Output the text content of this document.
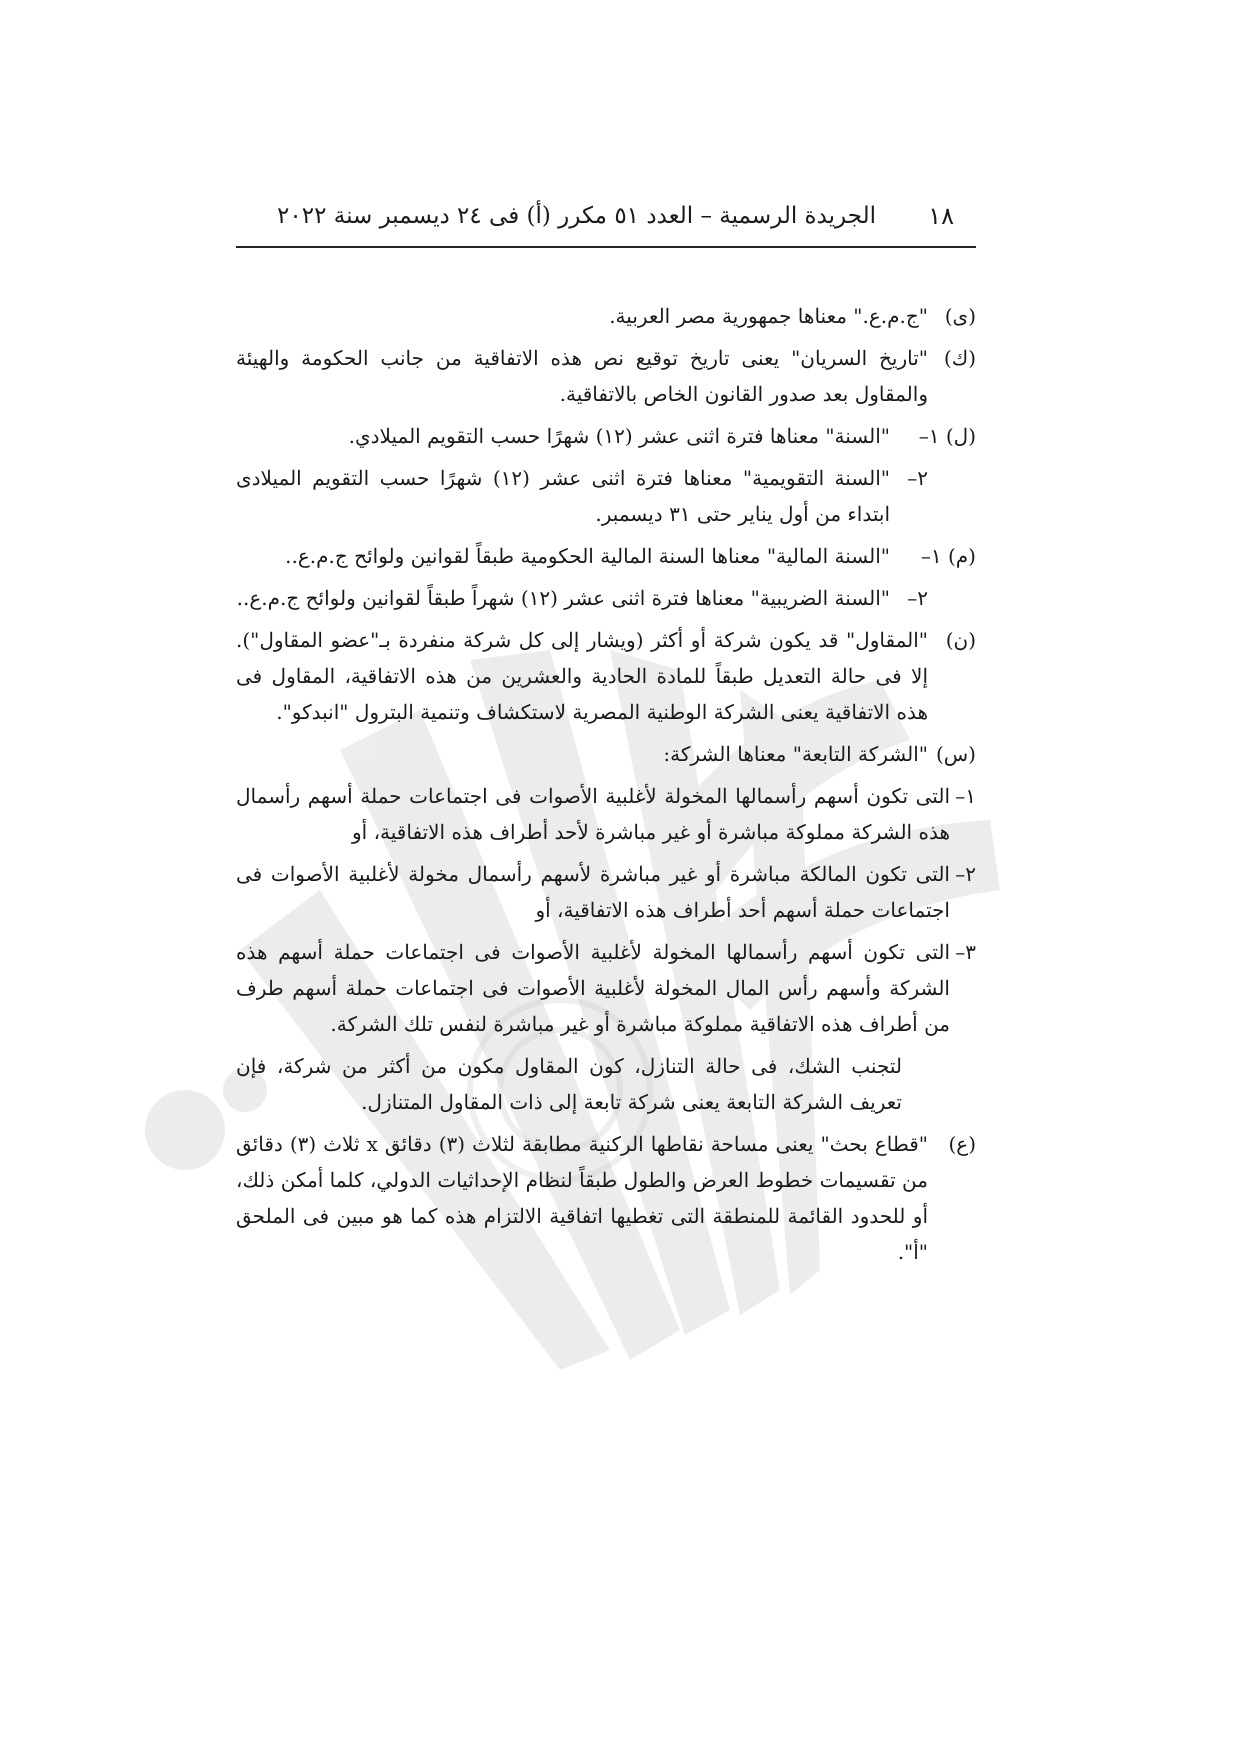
١٨
الجريدة الرسمية – العدد ٥١ مكرر (أ) فى ٢٤ ديسمبر سنة ٢٠٢٢
(ى)
"ج.م.ع." معناها جمهورية مصر العربية.
(ك)
"تاريخ السريان" يعنى تاريخ توقيع نص هذه الاتفاقية من جانب الحكومة والهيئة والمقاول بعد صدور القانون الخاص بالاتفاقية.
(ل) ١–
"السنة" معناها فترة اثنى عشر (١٢) شهرًا حسب التقويم الميلادي.
٢–
"السنة التقويمية" معناها فترة اثنى عشر (١٢) شهرًا حسب التقويم الميلادى ابتداء من أول يناير حتى ٣١ ديسمبر.
(م) ١–
"السنة المالية" معناها السنة المالية الحكومية طبقاً لقوانين ولوائح ج.م.ع..
٢–
"السنة الضريبية" معناها فترة اثنى عشر (١٢) شهراً طبقاً لقوانين ولوائح ج.م.ع..
(ن)
"المقاول" قد يكون شركة أو أكثر (ويشار إلى كل شركة منفردة بـ"عضو المقاول"). إلا فى حالة التعديل طبقاً للمادة الحادية والعشرين من هذه الاتفاقية، المقاول فى هذه الاتفاقية يعنى الشركة الوطنية المصرية لاستكشاف وتنمية البترول "انبدكو".
(س)
"الشركة التابعة" معناها الشركة:
١–
التى تكون أسهم رأسمالها المخولة لأغلبية الأصوات فى اجتماعات حملة أسهم رأسمال هذه الشركة مملوكة مباشرة أو غير مباشرة لأحد أطراف هذه الاتفاقية، أو
٢–
التى تكون المالكة مباشرة أو غير مباشرة لأسهم رأسمال مخولة لأغلبية الأصوات فى اجتماعات حملة أسهم أحد أطراف هذه الاتفاقية، أو
٣–
التى تكون أسهم رأسمالها المخولة لأغلبية الأصوات فى اجتماعات حملة أسهم هذه الشركة وأسهم رأس المال المخولة لأغلبية الأصوات فى اجتماعات حملة أسهم طرف من أطراف هذه الاتفاقية مملوكة مباشرة أو غير مباشرة لنفس تلك الشركة.
لتجنب الشك، فى حالة التنازل، كون المقاول مكون من أكثر من شركة، فإن تعريف الشركة التابعة يعنى شركة تابعة إلى ذات المقاول المتنازل.
(ع)
"قطاع بحث" يعنى مساحة نقاطها الركنية مطابقة لثلاث (٣) دقائق x ثلاث (٣) دقائق من تقسيمات خطوط العرض والطول طبقاً لنظام الإحداثيات الدولي، كلما أمكن ذلك، أو للحدود القائمة للمنطقة التى تغطيها اتفاقية الالتزام هذه كما هو مبين فى الملحق "أ".
